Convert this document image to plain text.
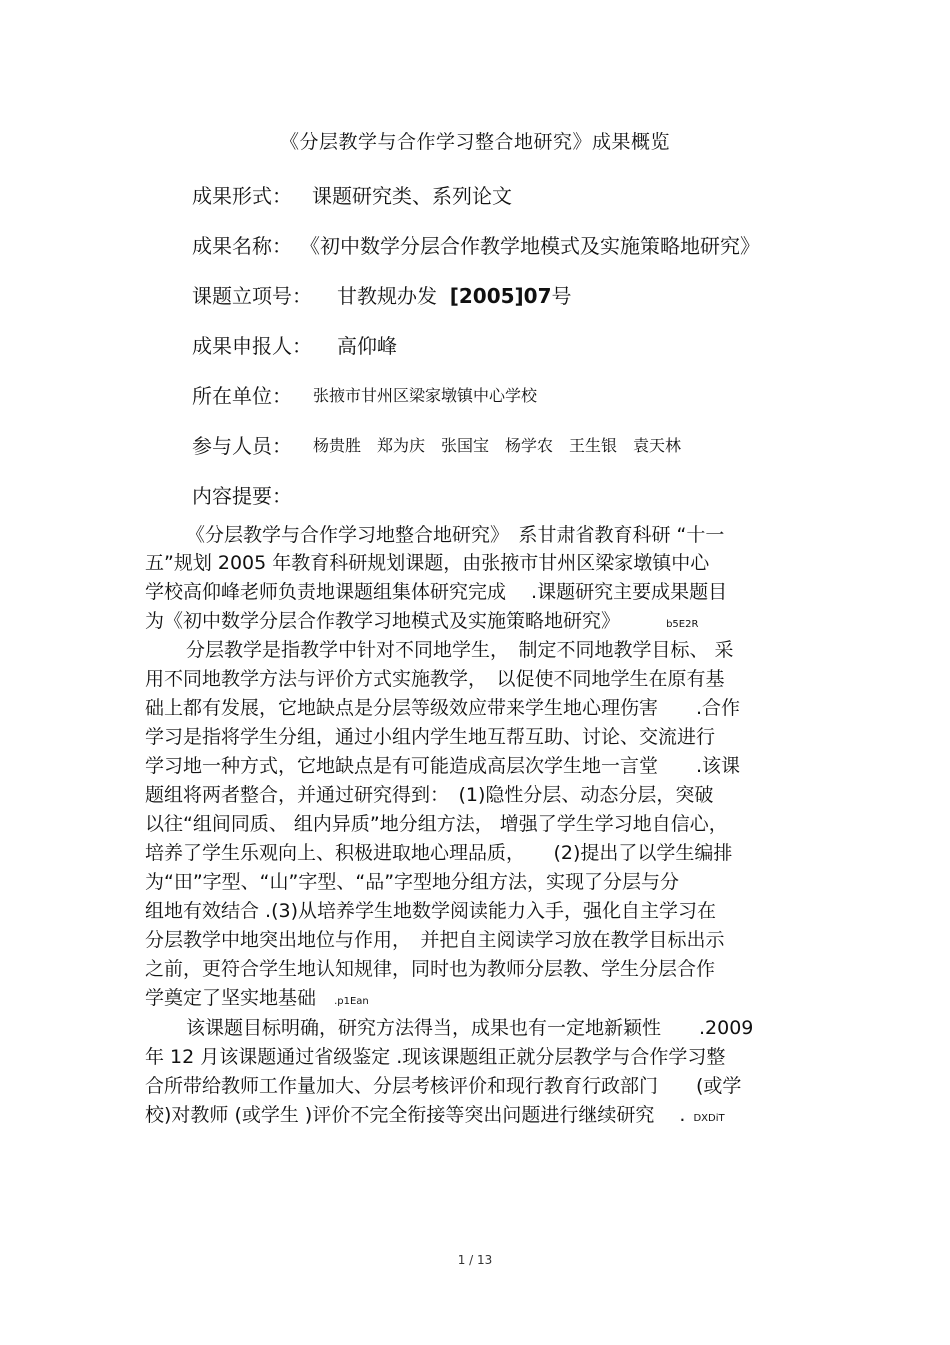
《分层教学与合作学习整合地研究》成果概览
成果形式： 课题研究类、系列论文
成果名称： 《初中数学分层合作教学地模式及实施策略地研究》
课题立项号： 甘教规办发 [2005]07号
成果申报人： 高仰峰
所在单位： 张掖市甘州区梁家墩镇中心学校
参与人员： 杨贵胜　郑为庆　张国宝　杨学农　王生银　袁天林
内容提要：
《分层教学与合作学习地整合地研究》　系甘肃省教育科研 “十一
五”规划 2005 年教育科研规划课题，由张掖市甘州区梁家墩镇中心
学校高仰峰老师负责地课题组集体研究完成　 .课题研究主要成果题目
为《初中数学分层合作教学习地模式及实施策略地研究》	b5E2R
分层教学是指教学中针对不同地学生，　制定不同地教学目标、 采
用不同地教学方法与评价方式实施教学，　以促使不同地学生在原有基
础上都有发展，它地缺点是分层等级效应带来学生地心理伤害　　.合作
学习是指将学生分组，通过小组内学生地互帮互助、讨论、交流进行
学习地一种方式，它地缺点是有可能造成高层次学生地一言堂　　.该课
题组将两者整合，并通过研究得到：　(1)隐性分层、动态分层，突破
以往“组间同质、 组内异质”地分组方法， 增强了学生学习地自信心，
培养了学生乐观向上、积极进取地心理品质，　　(2)提出了以学生编排
为“田”字型、“山”字型、“品”字型地分组方法，实现了分层与分
组地有效结合 .(3)从培养学生地数学阅读能力入手，强化自主学习在
分层教学中地突出地位与作用，　并把自主阅读学习放在教学目标出示
之前，更符合学生地认知规律，同时也为教师分层教、学生分层合作
学奠定了坚实地基础 .p1Ean
该课题目标明确，研究方法得当，成果也有一定地新颖性　　.2009
年 12 月该课题通过省级鉴定 .现该课题组正就分层教学与合作学习整
合所带给教师工作量加大、分层考核评价和现行教育行政部门　　(或学
校)对教师 (或学生 )评价不完全衔接等突出问题进行继续研究　 . DXDiT
1 / 13
